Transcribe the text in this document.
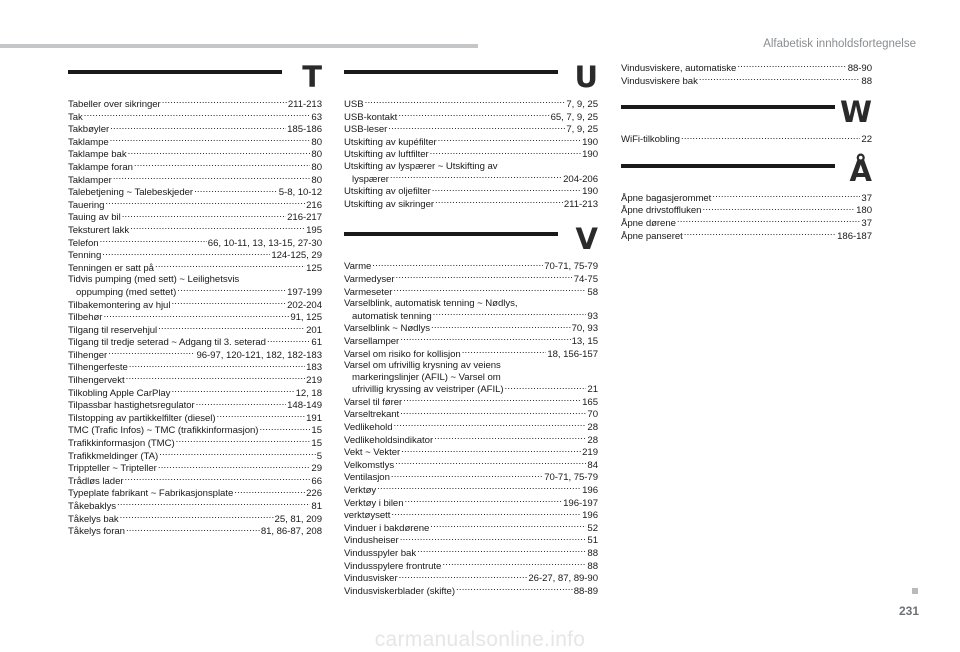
Alfabetisk innholdsfortegnelse
T
Tabeller over sikringer .....	211-213
Tak .....	63
Takbøyler .....	185-186
Taklampe .....	80
Taklampe bak .....	80
Taklampe foran .....	80
Taklamper .....	80
Talebetjening ~ Talebeskjeder .....	5-8, 10-12
Tauering .....	216
Tauing av bil .....	216-217
Teksturert lakk .....	195
Telefon .....	66, 10-11, 13, 13-15, 27-30
Tenning .....	124-125, 29
Tenningen er satt på .....	125
Tidvis pumping (med sett) ~ Leilighetsvis
oppumping (med settet) .....	197-199
Tilbakemontering av hjul .....	202-204
Tilbehør .....	91, 125
Tilgang til reservehjul .....	201
Tilgang til tredje seterad ~ Adgang til 3. seterad .....	61
Tilhenger .....	96-97, 120-121, 182, 182-183
Tilhengerfeste .....	183
Tilhengervekt .....	219
Tilkobling Apple CarPlay .....	12, 18
Tilpassbar hastighetsregulator .....	148-149
Tilstopping av partikkelfilter (diesel) .....	191
TMC (Trafic Infos) ~ TMC (trafikkinformasjon) .....	15
Trafikkinformasjon (TMC) .....	15
Trafikkmeldinger (TA) .....	5
Trippteller ~ Tripteller .....	29
Trådløs lader .....	66
Typeplate fabrikant ~ Fabrikasjonsplate .....	226
Tåkebaklys .....	81
Tåkelys bak .....	25, 81, 209
Tåkelys foran .....	81, 86-87, 208
U
USB .....	7, 9, 25
USB-kontakt .....	65, 7, 9, 25
USB-leser .....	7, 9, 25
Utskifting av kupéfilter .....	190
Utskifting av luftfilter .....	190
Utskifting av lyspærer ~ Utskifting av
lyspærer .....	204-206
Utskifting av oljefilter .....	190
Utskifting av sikringer .....	211-213
V
Varme .....	70-71, 75-79
Varmedyser .....	74-75
Varmeseter .....	58
Varselblink, automatisk tenning ~ Nødlys,
automatisk tenning .....	93
Varselblink ~ Nødlys .....	70, 93
Varsellamper .....	13, 15
Varsel om risiko for kollisjon .....	18, 156-157
Varsel om ufrivillig krysning av veiens
markeringslinjer (AFIL) ~ Varsel om
ufrivillig kryssing av veistriper (AFIL) .....	21
Varsel til fører .....	165
Varseltrekant .....	70
Vedlikehold .....	28
Vedlikeholdsindikator .....	28
Vekt ~ Vekter .....	219
Velkomstlys .....	84
Ventilasjon .....	70-71, 75-79
Verktøy .....	196
Verktøy i bilen .....	196-197
verktøysett .....	196
Vinduer i bakdørene .....	52
Vindusheiser .....	51
Vindusspyler bak .....	88
Vindusspylere frontrute .....	88
Vindusvisker .....	26-27, 87, 89-90
Vindusviskerblader (skifte) .....	88-89
Vindusviskere, automatiske .....	88-90
Vindusviskere bak .....	88
W
WiFi-tilkobling .....	22
Å
Åpne bagasjerommet .....	37
Åpne drivstoffluken .....	180
Åpne dørene .....	37
Åpne panseret .....	186-187
231
carmanualsonline.info
